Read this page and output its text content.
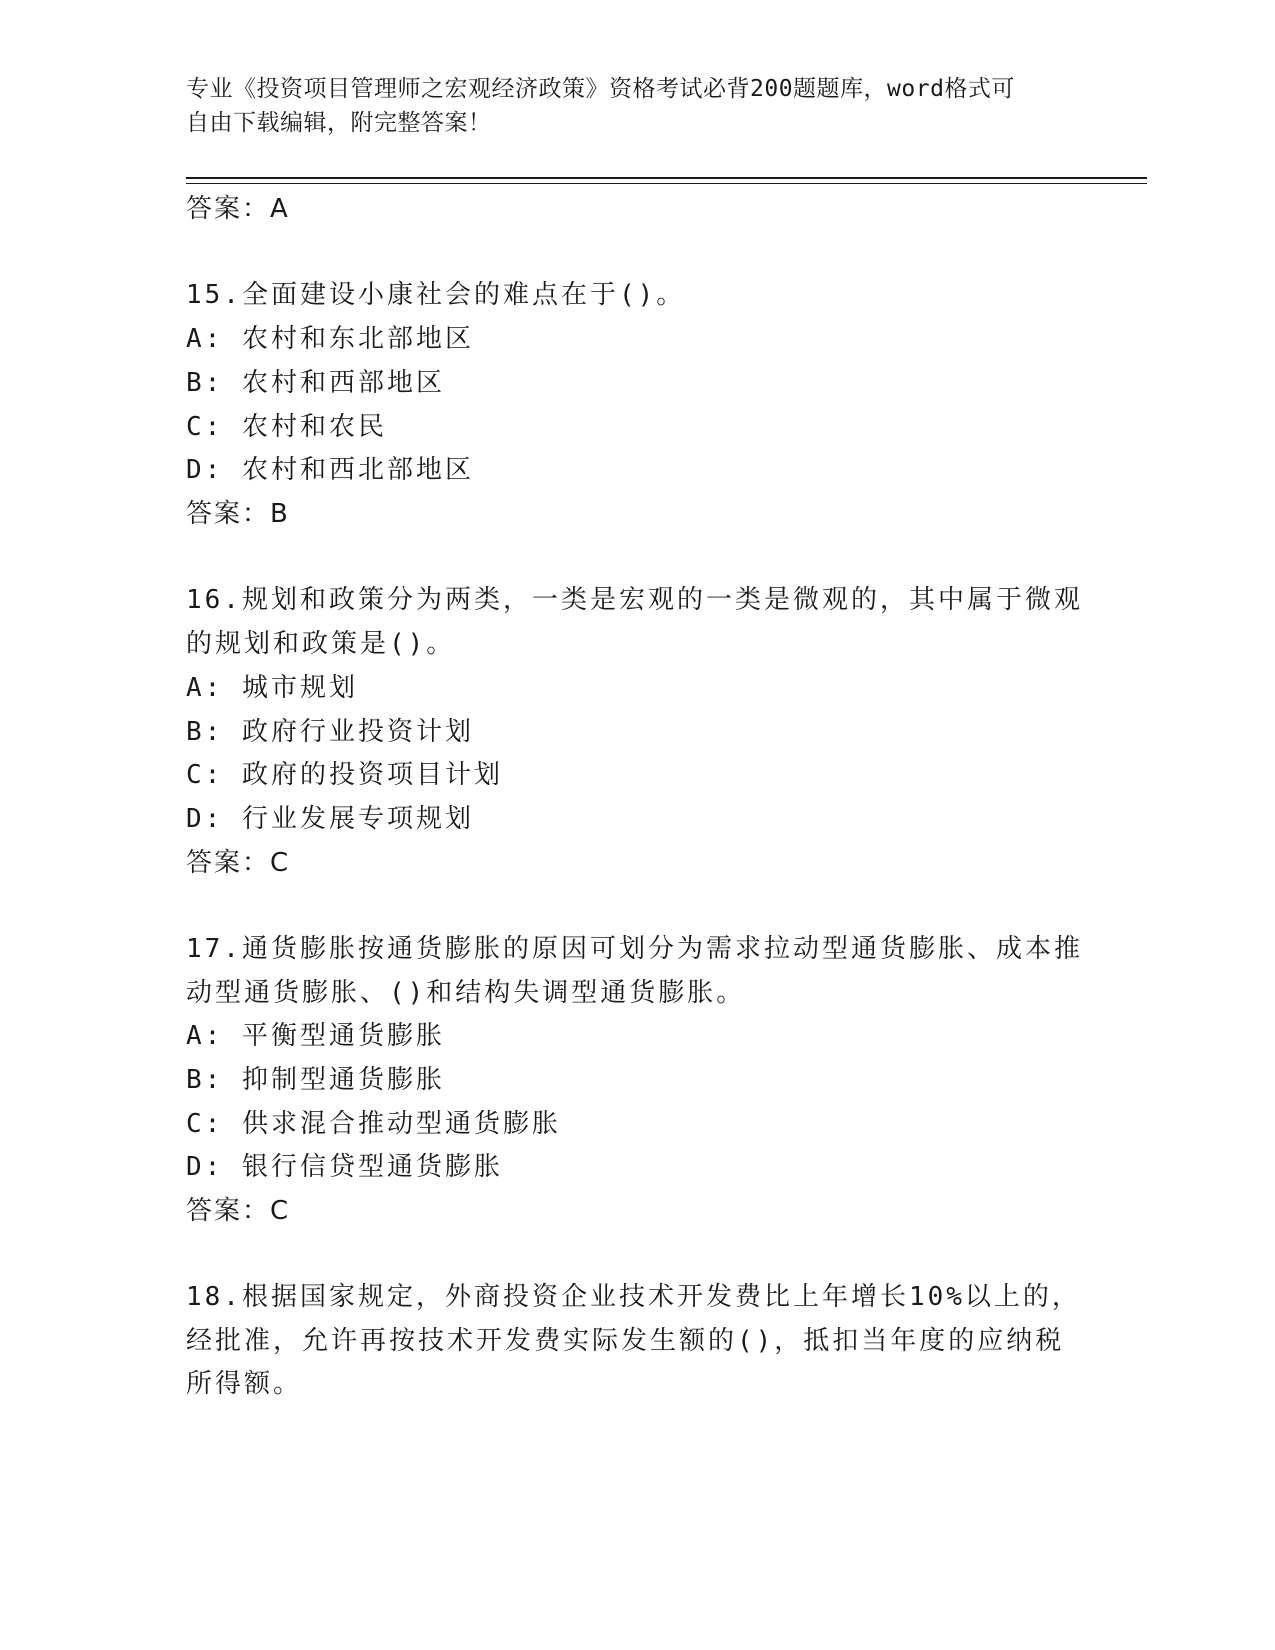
专业《投资项目管理师之宏观经济政策》资格考试必背200题题库，word格式可
自由下载编辑，附完整答案！
答案：A
15.全面建设小康社会的难点在于()。
A: 农村和东北部地区
B: 农村和西部地区
C: 农村和农民
D: 农村和西北部地区
答案：B
16.规划和政策分为两类，一类是宏观的一类是微观的，其中属于微观
的规划和政策是()。
A: 城市规划
B: 政府行业投资计划
C: 政府的投资项目计划
D: 行业发展专项规划
答案：C
17.通货膨胀按通货膨胀的原因可划分为需求拉动型通货膨胀、成本推
动型通货膨胀、()和结构失调型通货膨胀。
A: 平衡型通货膨胀
B: 抑制型通货膨胀
C: 供求混合推动型通货膨胀
D: 银行信贷型通货膨胀
答案：C
18.根据国家规定，外商投资企业技术开发费比上年增长10%以上的，
经批准，允许再按技术开发费实际发生额的()，抵扣当年度的应纳税
所得额。
